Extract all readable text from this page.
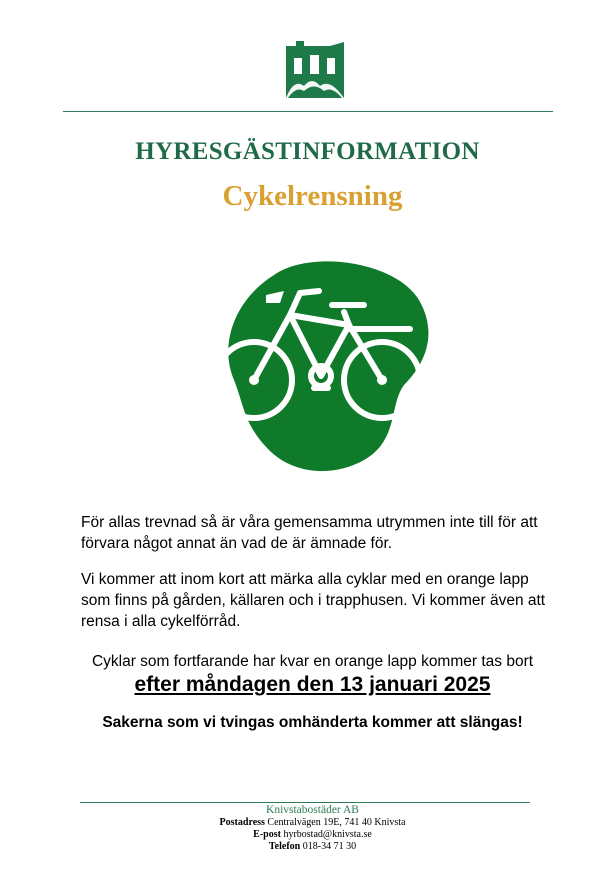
HYRESGÄSTINFORMATION
Cykelrensning

För allas trevnad så är våra gemensamma utrymmen inte till för att förvara något annat än vad de är ämnade för.

Vi kommer att inom kort att märka alla cyklar med en orange lapp som finns på gården, källaren och i trapphusen. Vi kommer även att rensa i alla cykelförråd.

Cyklar som fortfarande har kvar en orange lapp kommer tas bort

efter måndagen den 13 januari 2025
Sakerna som vi tvingas omhänderta kommer att slängas!
Knivstabostäder AB
Postadress Centralvägen 19E, 741 40 Knivsta
E-post hyrbostad@knivsta.se
Telefon 018-34 71 30
